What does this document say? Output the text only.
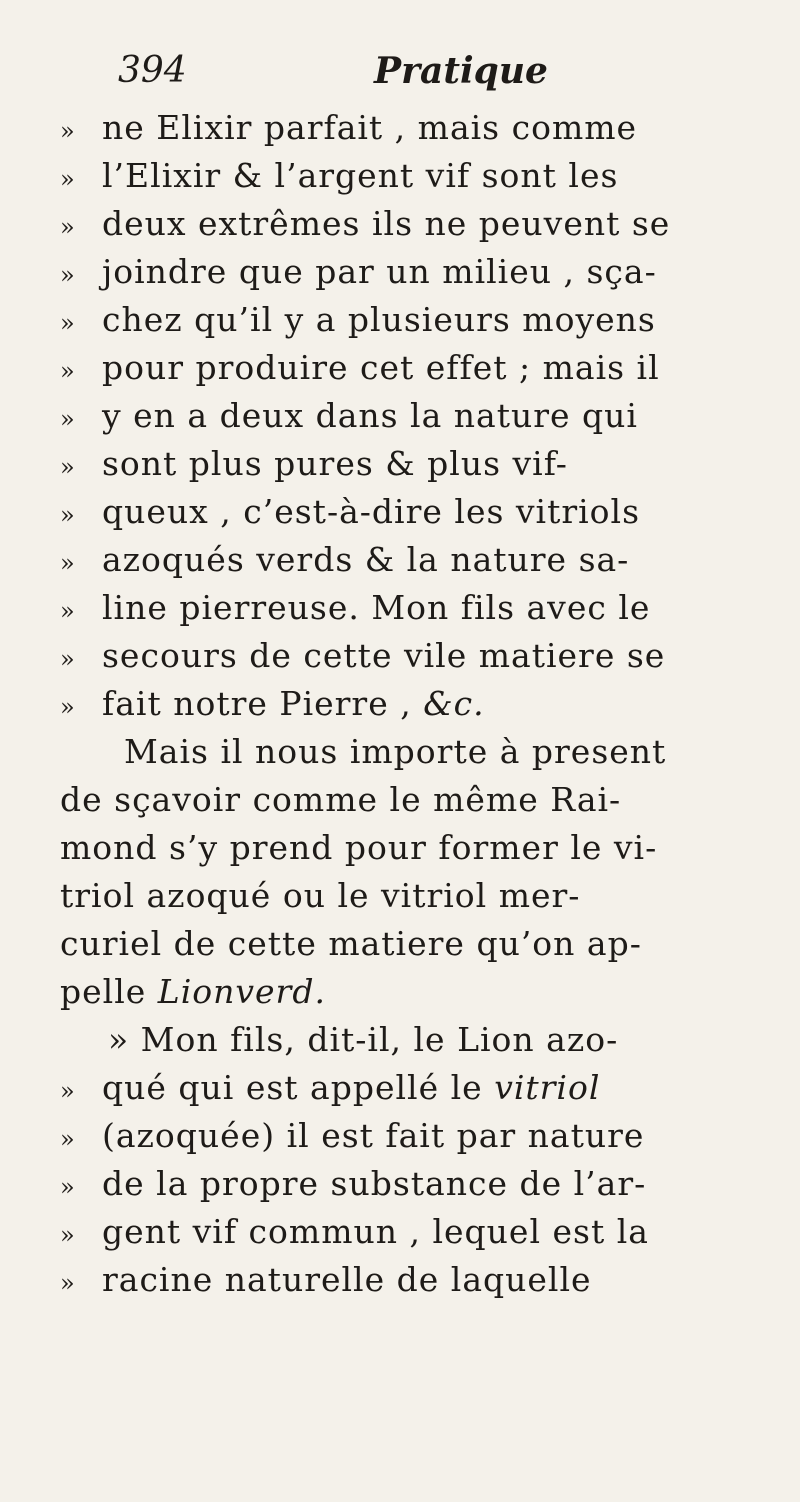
394	Pratique
» ne Elixir parfait , mais comme
» l’Elixir & l’argent vif sont les
» deux extrêmes ils ne peuvent se
» joindre que par un milieu , sça-
» chez qu’il y a plusieurs moyens
» pour produire cet effet ; mais il
» y en a deux dans la nature qui
» sont plus pures & plus vif-
» queux , c’est-à-dire les vitriols
» azoqués verds & la nature sa-
» line pierreuse. Mon fils avec le
» secours de cette vile matiere se
» fait notre Pierre , &c.
Mais il nous importe à present
de sçavoir comme le même Rai-
mond s’y prend pour former le vi-
triol azoqué ou le vitriol mer-
curiel de cette matiere qu’on ap-
pelle Lionverd.
» Mon fils, dit-il, le Lion azo-
» qué qui est appellé le vitriol
» (azoquée) il est fait par nature
» de la propre substance de l’ar-
» gent vif commun , lequel est la
» racine naturelle de laquelle
